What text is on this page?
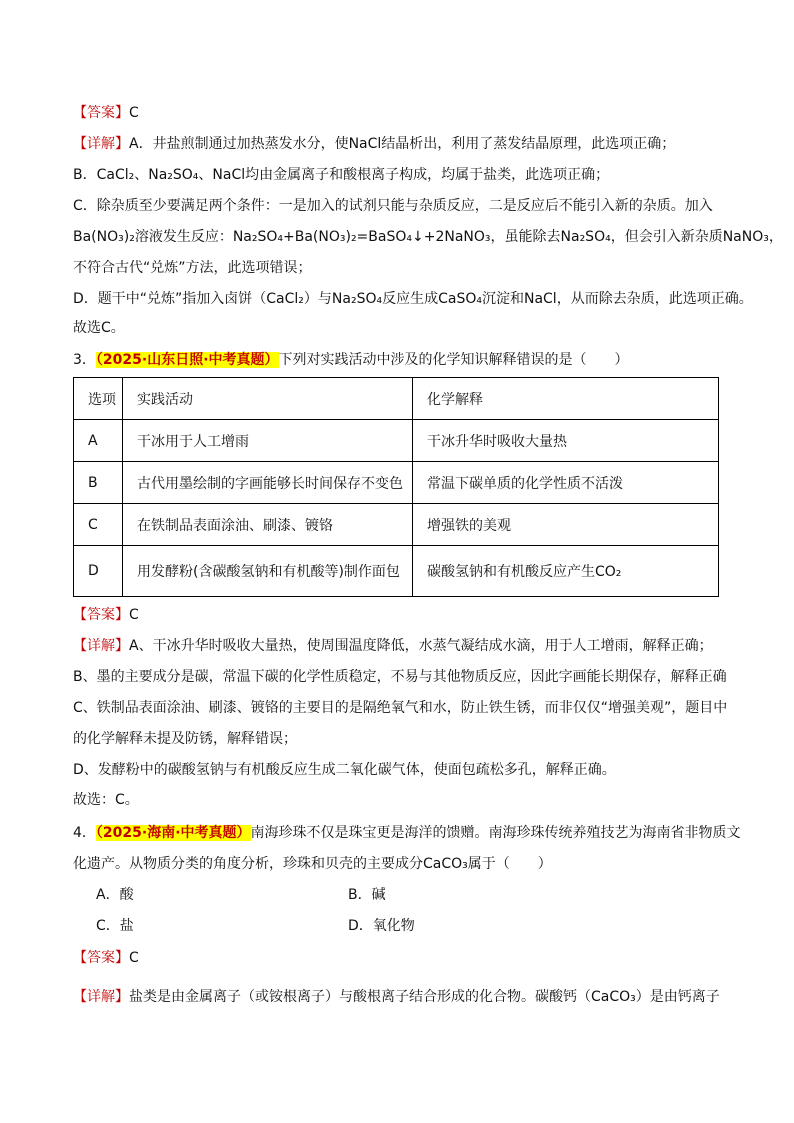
【答案】C
【详解】A．井盐煎制通过加热蒸发水分，使NaCl结晶析出，利用了蒸发结晶原理，此选项正确；
B．CaCl₂、Na₂SO₄、NaCl均由金属离子和酸根离子构成，均属于盐类，此选项正确；
C．除杂质至少要满足两个条件：一是加入的试剂只能与杂质反应，二是反应后不能引入新的杂质。加入
Ba(NO₃)₂溶液发生反应：Na₂SO₄+Ba(NO₃)₂=BaSO₄↓+2NaNO₃，虽能除去Na₂SO₄，但会引入新杂质NaNO₃，
不符合古代“兑炼”方法，此选项错误；
D．题干中“兑炼”指加入卤饼（CaCl₂）与Na₂SO₄反应生成CaSO₄沉淀和NaCl，从而除去杂质，此选项正确。
故选C。
3．（2025·山东日照·中考真题）下列对实践活动中涉及的化学知识解释错误的是（　　）
选项	实践活动	化学解释
A	干冰用于人工增雨	干冰升华时吸收大量热
B	古代用墨绘制的字画能够长时间保存不变色	常温下碳单质的化学性质不活泼
C	在铁制品表面涂油、刷漆、镀铬	增强铁的美观
D	用发酵粉(含碳酸氢钠和有机酸等)制作面包	碳酸氢钠和有机酸反应产生CO₂
【答案】C
【详解】A、干冰升华时吸收大量热，使周围温度降低，水蒸气凝结成水滴，用于人工增雨，解释正确；
B、墨的主要成分是碳，常温下碳的化学性质稳定，不易与其他物质反应，因此字画能长期保存，解释正确
C、铁制品表面涂油、刷漆、镀铬的主要目的是隔绝氧气和水，防止铁生锈，而非仅仅“增强美观”，题目中
的化学解释未提及防锈，解释错误；
D、发酵粉中的碳酸氢钠与有机酸反应生成二氧化碳气体，使面包疏松多孔，解释正确。
故选：C。
4．（2025·海南·中考真题）南海珍珠不仅是珠宝更是海洋的馈赠。南海珍珠传统养殖技艺为海南省非物质文
化遗产。从物质分类的角度分析，珍珠和贝壳的主要成分CaCO₃属于（　　）
A．酸	B．碱
C．盐	D．氧化物
【答案】C
【详解】盐类是由金属离子（或铵根离子）与酸根离子结合形成的化合物。碳酸钙（CaCO₃）是由钙离子
